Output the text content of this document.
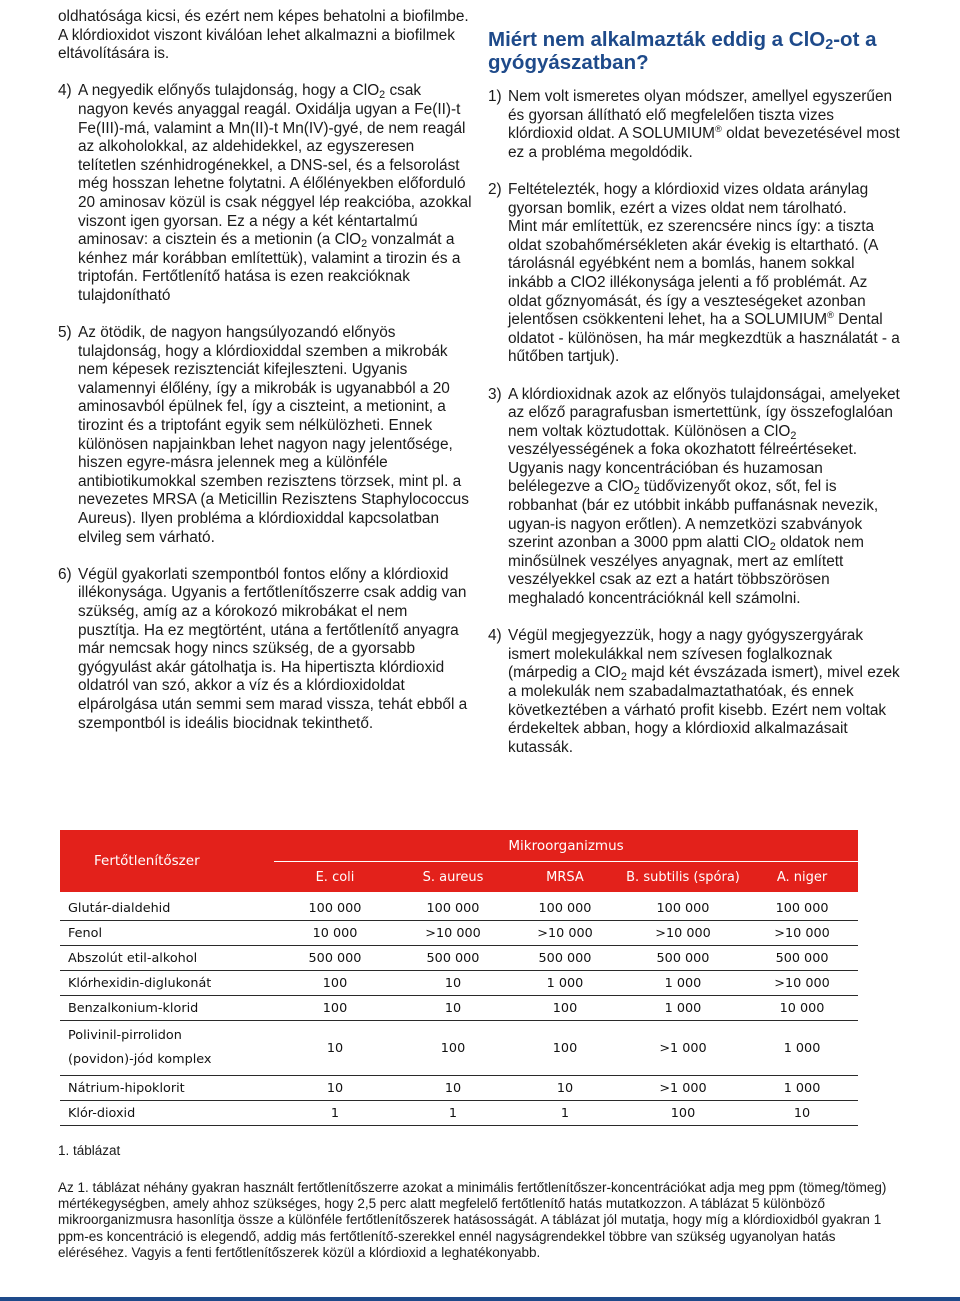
oldhatósága kicsi, és ezért nem képes behatolni a biofilmbe. A klórdioxidot viszont kiválóan lehet alkalmazni a biofilmek eltávolítására is.

4) A negyedik előnyős tulajdonság, hogy a ClO$_2$ csak nagyon kevés anyaggal reagál. Oxidálja ugyan a Fe(II)-t Fe(III)-má, valamint a Mn(II)-t Mn(IV)-gyé, de nem reagál az alkoholokkal, az aldehidekkel, az egyszeresen telítetlen szénhidrogénekkel, a DNS-sel, és a felsorolást még hosszan lehetne folytatni. A élőlényekben előforduló 20 aminosav közül is csak néggyel lép reakcióba, azokkal viszont igen gyorsan. Ez a négy a két kéntartalmú aminosav: a cisztein és a metionin (a ClO$_2$ vonzalmát a kénhez már korábban említettük), valamint a tirozin és a triptofán. Fertőtlenítő hatása is ezen reakcióknak tulajdonítható

5) Az ötödik, de nagyon hangsúlyozandó előnyös tulajdonság, hogy a klórdioxiddal szemben a mikrobák nem képesek rezisztenciát kifejleszteni. Ugyanis valamennyi élőlény, így a mikrobák is ugyanabból a 20 aminosavból épülnek fel, így a ciszteint, a metionint, a tirozint és a triptofánt egyik sem nélkülözheti. Ennek különösen napjainkban lehet nagyon nagy jelentősége, hiszen egyre-másra jelennek meg a különféle antibiotikumokkal szemben rezisztens törzsek, mint pl. a nevezetes MRSA (a Meticillin Rezisztens Staphylococcus Aureus). Ilyen probléma a klórdioxiddal kapcsolatban elvileg sem várható.

6) Végül gyakorlati szempontból fontos előny a klórdioxid illékonysága. Ugyanis a fertőtlenítőszerre csak addig van szükség, amíg az a kórokozó mikrobákat el nem pusztítja. Ha ez megtörtént, utána a fertőtlenítő anyagra már nemcsak hogy nincs szükség, de a gyorsabb gyógyulást akár gátolhatja is. Ha hipertiszta klórdioxid oldatról van szó, akkor a víz és a klórdioxidoldat elpárolgása után semmi sem marad vissza, tehát ebből a szempontból is ideális biocidnak tekinthető.

Miért nem alkalmazták eddig a ClO$_2$-ot a gyógyászatban?
1) Nem volt ismeretes olyan módszer, amellyel egyszerűen és gyorsan állítható elő megfelelően tiszta vizes klórdioxid oldat. A SOLUMIUM® oldat bevezetésével most ez a probléma megoldódik.

2) Feltételezték, hogy a klórdioxid vizes oldata aránylag gyorsan bomlik, ezért a vizes oldat nem tárolható.

Mint már említettük, ez szerencsére nincs így: a tiszta oldat szobahőmérsékleten akár évekig is eltartható. (A tárolásnál egyébként nem a bomlás, hanem sokkal inkább a ClO2 illékonysága jelenti a fő problémát. Az oldat gőznyomását, és így a veszteségeket azonban jelentősen csökkenteni lehet, ha a SOLUMIUM® Dental oldatot - különösen, ha már megkezdtük a használatát - a hűtőben tartjuk).

3) A klórdioxidnak azok az előnyös tulajdonságai, amelyeket az előző paragrafusban ismertettünk, így összefoglalóan nem voltak köztudottak. Különösen a ClO$_2$ veszélyességének a foka okozhatott félreértéseket. Ugyanis nagy koncentrációban és huzamosan belélegezve a ClO$_2$ tüdővizenyőt okoz, sőt, fel is robbanhat (bár ez utóbbit inkább puffanásnak nevezik, ugyan-is nagyon erőtlen). A nemzetközi szabványok szerint azonban a 3000 ppm alatti ClO$_2$ oldatok nem minősülnek veszélyes anyagnak, mert az említett veszélyekkel csak az ezt a határt többszörösen meghaladó koncentrációknál kell számolni.

4) Végül megjegyezzük, hogy a nagy gyógyszergyárak ismert molekulákkal nem szívesen foglalkoznak (márpedig a ClO$_2$ majd két évszázada ismert), mivel ezek a molekulák nem szabadalmaztathatóak, és ennek következtében a várható profit kisebb. Ezért nem voltak érdekeltek abban, hogy a klórdioxid alkalmazásait kutassák.

Fertőtlenítőszer	Mikroorganizmus				
	E. coli	S. aureus	MRSA	B. subtilis (spóra)	A. niger
Glutár-dialdehid	100 000	100 000	100 000	100 000	100 000
Fenol	10 000	>10 000	>10 000	>10 000	>10 000
Abszolút etil-alkohol	500 000	500 000	500 000	500 000	500 000
Klórhexidin-diglukonát	100	10	1 000	1 000	>10 000
Benzalkonium-klorid	100	10	100	1 000	10 000
Polivinil-pirrolidon
(povidon)-jód komplex	10	100	100	>1 000	1 000
Nátrium-hipoklorit	10	10	10	>1 000	1 000
Klór-dioxid	1	1	1	100	10
1. táblázat
Az 1. táblázat néhány gyakran használt fertőtlenítőszerre azokat a minimális fertőtlenítőszer-koncentrációkat adja meg ppm (tömeg/tömeg) mértékegységben, amely ahhoz szükséges, hogy 2,5 perc alatt megfelelő fertőtlenítő hatás mutatkozzon. A táblázat 5 különböző mikroorganizmusra hasonlítja össze a különféle fertőtlenítőszerek hatásosságát. A táblázat jól mutatja, hogy míg a klórdioxidból gyakran 1 ppm-es koncentráció is elegendő, addig más fertőtlenítő-szerekkel ennél nagyságrendekkel többre van szükség ugyanolyan hatás eléréséhez. Vagyis a fenti fertőtlenítőszerek közül a klórdioxid a leghatékonyabb.
